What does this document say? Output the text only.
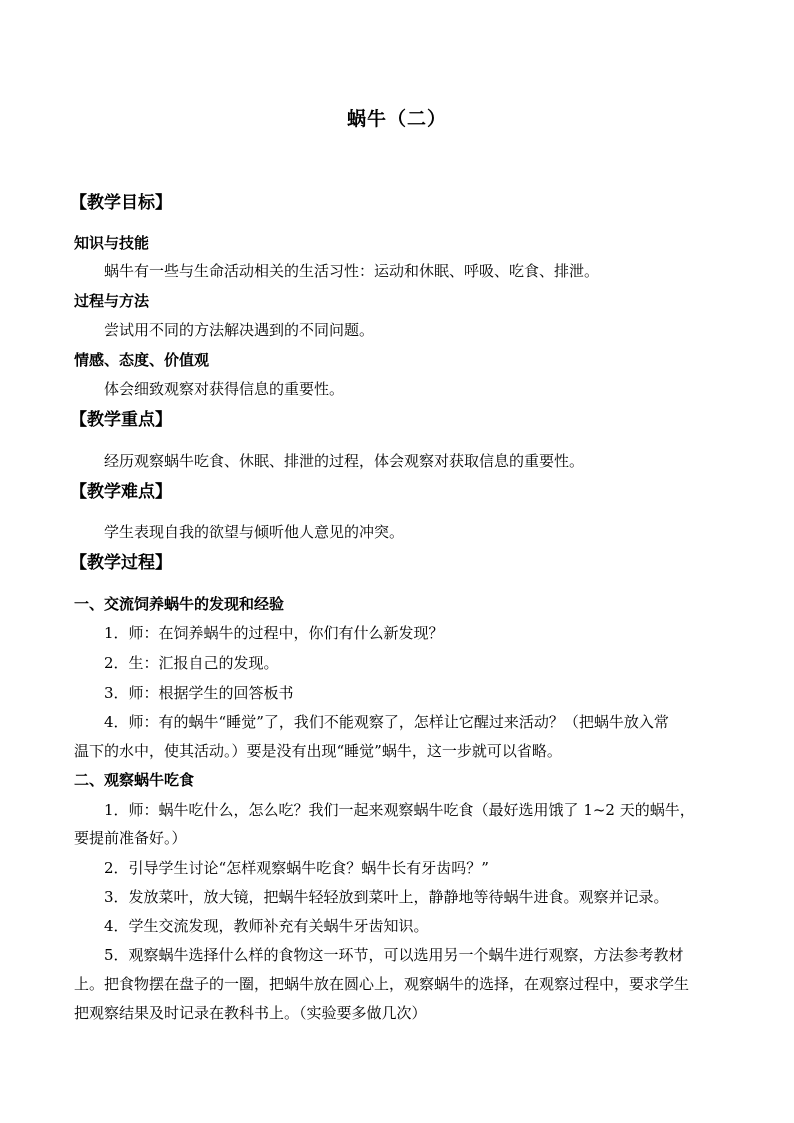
蜗牛（二）
【教学目标】
知识与技能
蜗牛有一些与生命活动相关的生活习性：运动和休眠、呼吸、吃食、排泄。
过程与方法
尝试用不同的方法解决遇到的不同问题。
情感、态度、价值观
体会细致观察对获得信息的重要性。
【教学重点】
经历观察蜗牛吃食、休眠、排泄的过程，体会观察对获取信息的重要性。
【教学难点】
学生表现自我的欲望与倾听他人意见的冲突。
【教学过程】
一、交流饲养蜗牛的发现和经验
1．师：在饲养蜗牛的过程中，你们有什么新发现？
2．生：汇报自己的发现。
3．师：根据学生的回答板书
4．师：有的蜗牛“睡觉”了，我们不能观察了，怎样让它醒过来活动？（把蜗牛放入常
温下的水中，使其活动。）要是没有出现“睡觉”蜗牛，这一步就可以省略。
二、观察蜗牛吃食
1．师：蜗牛吃什么，怎么吃？我们一起来观察蜗牛吃食（最好选用饿了 1~2 天的蜗牛，
要提前准备好。）
2．引导学生讨论“怎样观察蜗牛吃食？蜗牛长有牙齿吗？”
3．发放菜叶，放大镜，把蜗牛轻轻放到菜叶上，静静地等待蜗牛进食。观察并记录。
4．学生交流发现，教师补充有关蜗牛牙齿知识。
5．观察蜗牛选择什么样的食物这一环节，可以选用另一个蜗牛进行观察，方法参考教材
上。把食物摆在盘子的一圈，把蜗牛放在圆心上，观察蜗牛的选择，在观察过程中，要求学生
把观察结果及时记录在教科书上。（实验要多做几次）
